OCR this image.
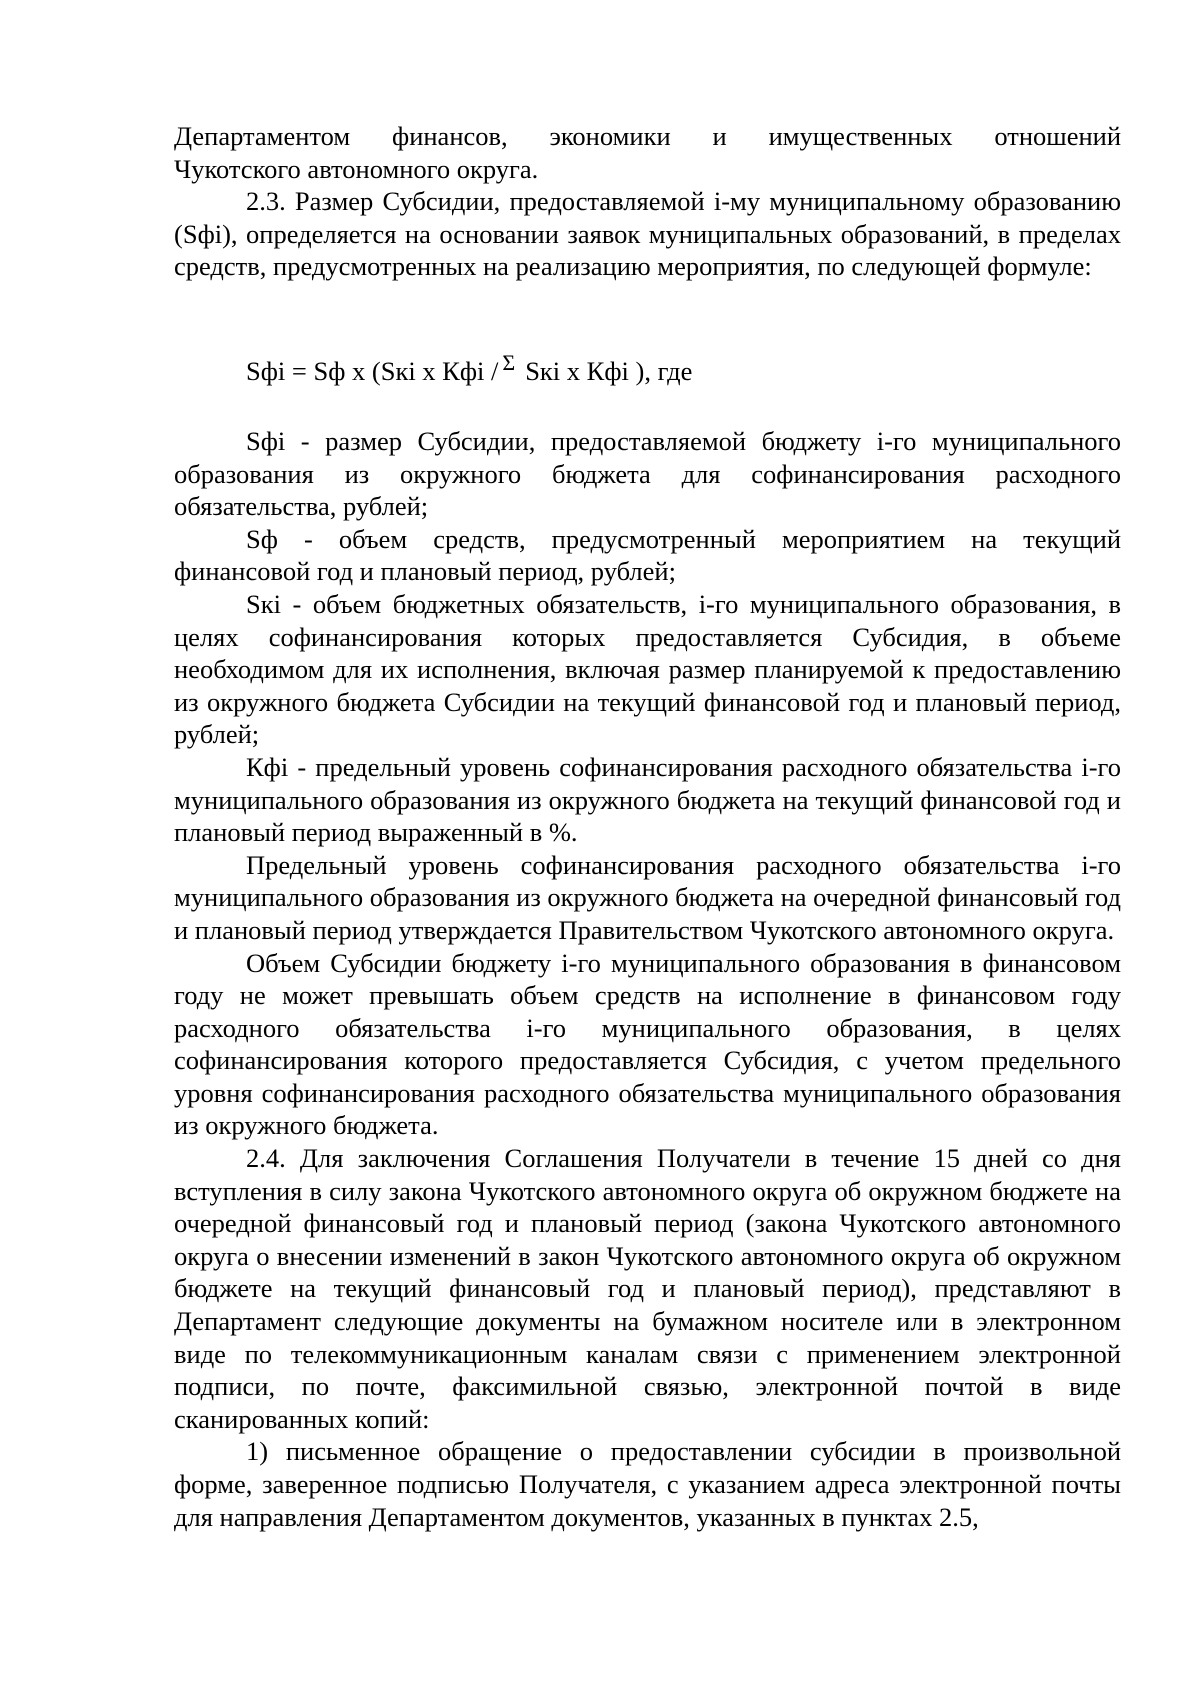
Департаментом финансов, экономики и имущественных отношений

Чукотского автономного округа.

2.3. Размер Субсидии, предоставляемой i-му муниципальному образованию (Sфi), определяется на основании заявок муниципальных образований, в пределах средств, предусмотренных на реализацию мероприятия, по следующей формуле:

Sфi = Sф х (Sкi х Кфi / $^\Sigma$ Sкi х Кфi ), где

Sфi - размер Субсидии, предоставляемой бюджету i-го муниципального образования из окружного бюджета для софинансирования расходного обязательства, рублей;

Sф - объем средств, предусмотренный мероприятием на текущий финансовой год и плановый период, рублей;

Sкi - объем бюджетных обязательств, i-го муниципального образования, в целях софинансирования которых предоставляется Субсидия, в объеме необходимом для их исполнения, включая размер планируемой к предоставлению из окружного бюджета Субсидии на текущий финансовой год и плановый период, рублей;

Кфi - предельный уровень софинансирования расходного обязательства i-го муниципального образования из окружного бюджета на текущий финансовой год и плановый период выраженный в %.

Предельный уровень софинансирования расходного обязательства i-го муниципального образования из окружного бюджета на очередной финансовый год и плановый период утверждается Правительством Чукотского автономного округа.

Объем Субсидии бюджету i-го муниципального образования в финансовом году не может превышать объем средств на исполнение в финансовом году расходного обязательства i-го муниципального образования, в целях софинансирования которого предоставляется Субсидия, с учетом предельного уровня софинансирования расходного обязательства муниципального образования из окружного бюджета.

2.4. Для заключения Соглашения Получатели в течение 15 дней со дня вступления в силу закона Чукотского автономного округа об окружном бюджете на очередной финансовый год и плановый период (закона Чукотского автономного округа о внесении изменений в закон Чукотского автономного округа об окружном бюджете на текущий финансовый год и плановый период), представляют в Департамент следующие документы на бумажном носителе или в электронном виде по телекоммуникационным каналам связи с применением электронной подписи, по почте, факсимильной связью, электронной почтой в виде сканированных копий:

1) письменное обращение о предоставлении субсидии в произвольной форме, заверенное подписью Получателя, с указанием адреса электронной почты для направления Департаментом документов, указанных в пунктах 2.5,
